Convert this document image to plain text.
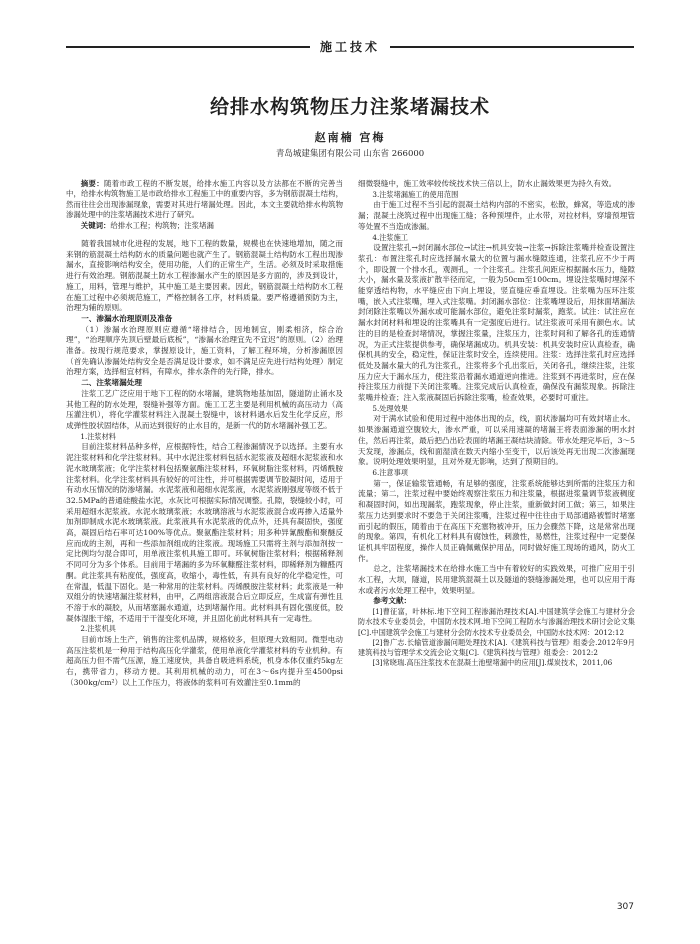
施工技术
给排水构筑物压力注浆堵漏技术
赵南楠 宫梅
青岛城建集团有限公司 山东省 266000

摘要：随着市政工程的不断发展，给排水施工内容以及方法都在不断的完善当中，给排水构筑物施工是市政给排水工程施工中的重要内容，多为钢筋混凝土结构，然而往往会出现渗漏现象，需要对其进行堵漏处理。因此，本文主要就给排水构筑物渗漏处理中的注浆堵漏技术进行了研究。

关键词：给排水工程；构筑物；注浆堵漏

随着我国城市化进程的发展，地下工程的数量，规模也在快速地增加，随之而来钢的筋混凝土结构防水的质量问题也就产生了。钢筋混凝土结构防水工程出现渗漏水，直接影响结构安全，使用功能，人们的正常生产，生活。必须及时采取措施进行有效治理。钢筋混凝土防水工程渗漏水产生的原因是多方面的，涉及到设计，施工，用料，管理与维护，其中施工是主要因素。因此，钢筋混凝土结构防水工程在施工过程中必须规范施工，严格控制各工序，材料质量。要严格遵循预防为主，治理为辅的原则。

一、渗漏水治理原则及准备

（1）渗漏水治理原则应遵循“堵排结合，因地制宜，刚柔相济，综合治理”，“治理顺序先顶后壁最后底板”，“渗漏水治理宜先不宜迟”的原则。（2）治理准备。按现行规范要求，掌握原设计，施工资料，了解工程环境，分析渗漏原因（首先确认渗漏处结构安全是否满足设计要求，如不满足应先进行结构处理）制定治理方案，选择相宜材料，有障水，排水条件的先行降，排水。

二、注浆堵漏处理

注浆工艺广泛应用于地下工程的防水堵漏，建筑物地基加固，隧道防止涌水及其他工程的防水处理，裂缝补强等方面。施工工艺主要是利用机械的高压动力（高压灌注机），将化学灌浆材料注入混凝土裂缝中，该材料遇水后发生化学反应，形成弹性胶状固结体，从而达到很好的止水目的，是新一代的防水堵漏补强工艺。

1.注浆材料

目前注浆材料品种多样，应根据特性，结合工程渗漏情况予以选择。主要有水泥注浆材料和化学注浆材料。其中水泥注浆材料包括水泥浆液及超细水泥浆液和水泥水玻璃浆液；化学注浆材料包括聚氨酯注浆材料，环氧树脂注浆材料，丙烯酰胺注浆材料。化学注浆材料具有较好的可注性，并可根据需要调节胶凝时间，适用于有动水压情况的防渗堵漏。水泥浆液和超细水泥浆液，水泥浆液刚强度等级不低于32.5MPa的普通硅酸盐水泥，水灰比可根据实际情况调整。孔隙，裂缝较小时，可采用超细水泥浆液。水泥水玻璃浆液；水玻璃溶液与水泥浆液混合或再掺入适量外加剂即制成水泥水玻璃浆液。此浆液具有水泥浆液的优点外，还具有凝固快，强度高，凝固后结石率可达100%等优点。聚氨酯注浆材料；用多种异氰酸酯和聚醚反应而成的主剂，再和一些添加剂组成的注浆液。现场施工只需将主剂与添加剂按一定比例均匀混合即可，用单液注浆机具施工即可。环氧树脂注浆材料；根据稀释剂不同可分为多个体系。目前用于堵漏的多为环氧糠醛注浆材料，即稀释剂为糠醛丙酮。此注浆具有粘度低，强度高，收缩小，毒性低，有具有良好的化学稳定性，可在常温，低温下固化。是一种常用的注浆材料。丙烯酰胺注浆材料；此浆液是一种双组分的快速堵漏注浆材料，由甲，乙两组溶液混合后立即反应，生成富有弹性且不溶于水的凝胶，从而堵塞漏水通道，达到堵漏作用。此材料具有固化强度低，胶凝体湿胀干缩，不适用于干湿变化环境，并且固化前此材料具有一定毒性。

2.注浆机具

目前市场上生产，销售的注浆机品牌，规格较多，但原理大致相同。微型电动高压注浆机是一种用于结构高压化学灌浆，使用单液化学灌浆材料的专业机种。有超高压力但不需气压源，施工速度快，具备自吸进料系统，机身本体仅重约5kg左右，携带省力，移动方便。其利用机械的动力，可在3～6s内提升至4500psi（300kg/cm²）以上工作压力，将液体的浆料可有效灌注至0.1mm的

细微裂缝中，施工效率较传统技术快三倍以上，防水止漏效果更为持久有效。

3.注浆堵漏施工的使用范围

由于施工过程不当引起的混凝土结构内部的不密实，松散，蜂窝，等造成的渗漏；混凝土浇筑过程中出现施工缝；各种预埋件，止水带，对拉材料，穿墙预埋管等处置不当造成渗漏。

4.注浆施工

设置注浆孔→封闭漏水部位→试注→机具安装→注浆→拆除注浆嘴并检查设置注浆孔：布置注浆孔时应选择漏水量大的位置与漏水缝隙连通，注浆孔应不少于两个，即设置一个排水孔，观测孔，一个注浆孔。注浆孔间距应根据漏水压力，缝隙大小，漏水量及浆液扩散半径而定，一般为50cm至100cm。埋设注浆嘴时埋深不能穿透结构物，水平缝应由下向上埋设，竖直缝应垂直埋设。注浆嘴为压环注浆嘴，嵌入式注浆嘴，埋入式注浆嘴。封闭漏水部位：注浆嘴埋设后，用抹面堵漏法封闭除注浆嘴以外漏水或可能漏水部位，避免注浆时漏浆，跑浆。试注：试注应在漏水封闭材料和埋设的注浆嘴具有一定强度后进行。试注浆液可采用有颜色水。试注的目的是检查封堵情况，掌握注浆量，注浆压力，注浆时间和了解各孔的连通情况，为正式注浆提供参考，确保堵漏成功。机具安装：机具安装时应认真检查，确保机具的安全，稳定性，保证注浆时安全，连续使用。注浆：选择注浆孔时应选择低处及漏水量大的孔为注浆孔，注浆将多个孔出浆后，关闭各孔，继续注浆，注浆压力应大于漏水压力，使注浆沿着漏水通道逆向推进。注浆到不再进浆时，应在保持注浆压力前提下关闭注浆嘴。注浆完成后认真检查，确保没有漏浆现象。拆除注浆嘴并检查；注入浆液凝固后拆除注浆嘴，检查效果，必要时可重注。

5.处理效果

对于满水试验和使用过程中池体出现的点，线，面状渗漏均可有效封堵止水。如果渗漏通道空腹较大，渗水严重，可以采用速凝的堵漏王将表面渗漏的明水封住，然后再注浆，最后把凸出砼表面的堵漏王凝结块清除。带水处理完毕后，3～5天发现，渗漏点，线和面湿渍在数天内缩小至变干，以后该处再无出现二次渗漏现象。说明处理效果明显，且对外观无影响，达到了预期目的。

6.注意事项

第一，保证输浆管通畅，有足够的强度，注浆系统能够达到所需的注浆压力和流量；第二，注浆过程中要始终观察注浆压力和注浆量，根据进浆量调节浆液稠度和凝固时间，如出现漏浆，跑浆现象，停止注浆，重新做封闭工做；第三，如果注浆压力达到要求时不要急于关闭注浆嘴，注浆过程中往往由于局部通路被暂时堵塞而引起的假压，随着由于在高压下充塞物被冲开，压力会骤然下降，这是常常出现的现象。第四，有机化工材料具有腐蚀性，刺激性，易燃性，注浆过程中一定要保证机具牢固程度，操作人员正确佩戴保护用品，同时做好施工现场的通风，防火工作。

总之，注浆堵漏技术在给排水施工当中有着较好的实践效果，可推广应用于引水工程，大坝，隧道，民用建筑混凝土以及隧道的裂缝渗漏处理，也可以应用于海水或者污水处理工程中，效果明显。

参考文献：

[1]曹征富，叶林标.地下空间工程渗漏治理技术[A].中国建筑学会施工与建材分会防水技术专业委员会，中国防水技术网.地下空间工程防水与渗漏治理技术研讨会论文集[C].中国建筑学会施工与建材分会防水技术专业委员会，中国防水技术网：2012:12

[2]鲁广志.长输管道渗漏问题处理技术[A].《建筑科技与管理》组委会.2012年9月建筑科技与管理学术交流会论文集[C].《建筑科技与管理》组委会：2012:2

[3]常晓瑞.高压注浆技术在混凝土池壁堵漏中的应用[J].煤炭技术，2011,06

307
